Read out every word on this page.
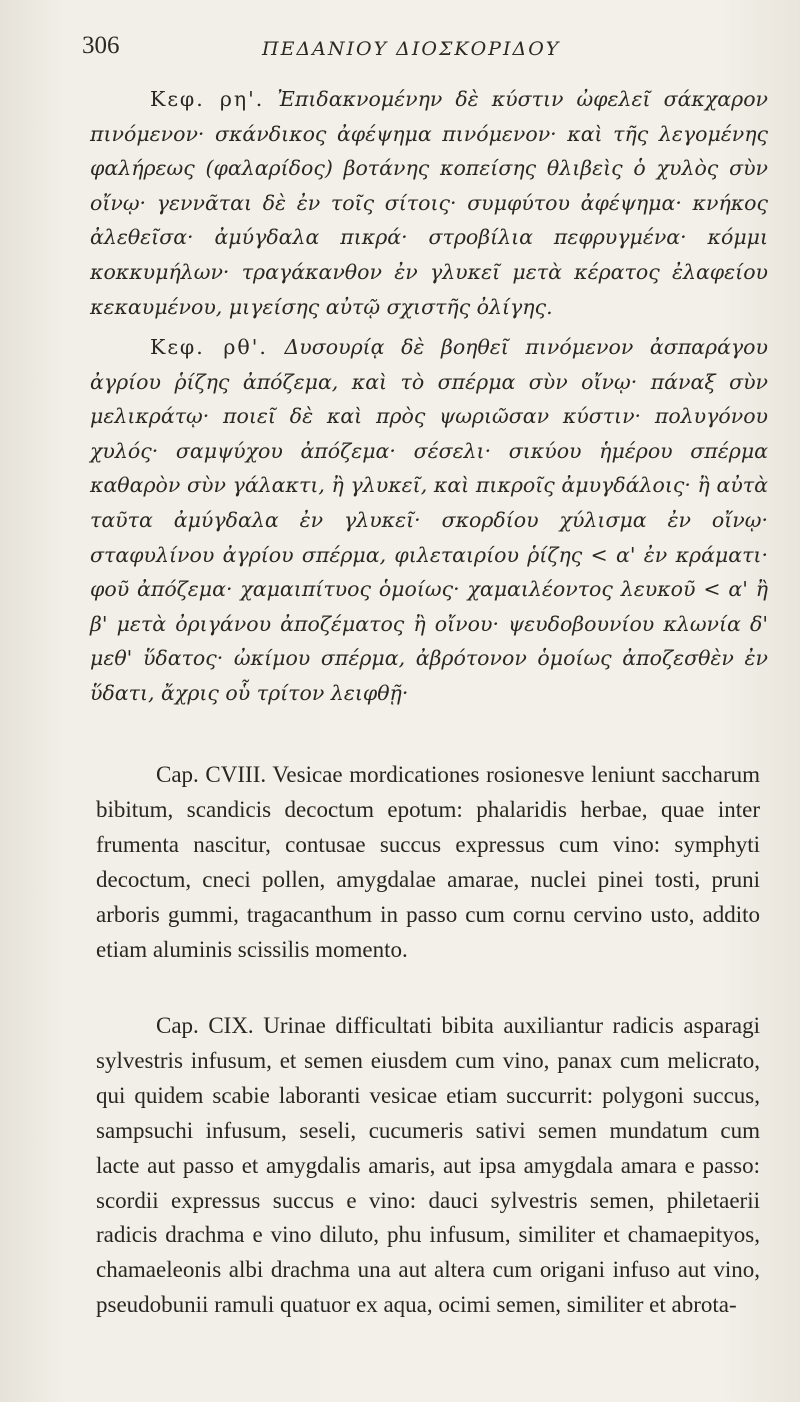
306	ΠΕΔΑΝΙΟΥ ΔΙΟΣΚΟΡΙΔΟΥ

Κεφ. ρη'. Ἐπιδακνομένην δὲ κύστιν ὠφελεῖ σάκχαρον πινόμενον· σκάνδικος ἀφέψημα πινόμενον· καὶ τῆς λεγομένης φαλήρεως (φαλαρίδος) βοτάνης κοπείσης θλιβεὶς ὁ χυλὸς σὺν οἴνῳ· γεννᾶται δὲ ἐν τοῖς σίτοις· συμφύτου ἀφέψημα· κνήκος ἀλεθεῖσα· ἀμύγδαλα πικρά· στροβίλια πεφρυγμένα· κόμμι κοκκυμήλων· τραγάκανθον ἐν γλυκεῖ μετὰ κέρατος ἐλαφείου κεκαυμένου, μιγείσης αὐτῷ σχιστῆς ὀλίγης.

Κεφ. ρθ'. Δυσουρίᾳ δὲ βοηθεῖ πινόμενον ἀσπαράγου ἀγρίου ῥίζης ἀπόζεμα, καὶ τὸ σπέρμα σὺν οἴνῳ· πάναξ σὺν μελικράτῳ· ποιεῖ δὲ καὶ πρὸς ψωριῶσαν κύστιν· πολυγόνου χυλός· σαμψύχου ἀπόζεμα· σέσελι· σικύου ἡμέρου σπέρμα καθαρὸν σὺν γάλακτι, ἢ γλυκεῖ, καὶ πικροῖς ἀμυγδάλοις· ἢ αὐτὰ ταῦτα ἀμύγδαλα ἐν γλυκεῖ· σκορδίου χύλισμα ἐν οἴνῳ· σταφυλίνου ἀγρίου σπέρμα, φιλεταιρίου ῥίζης < α' ἐν κράματι· φοῦ ἀπόζεμα· χαμαιπίτυος ὁμοίως· χαμαιλέοντος λευκοῦ < α' ἢ β' μετὰ ὀριγάνου ἀποζέματος ἢ οἴνου· ψευδοβουνίου κλωνία δ' μεθ' ὕδατος· ὠκίμου σπέρμα, ἀβρότονον ὁμοίως ἀποζεσθὲν ἐν ὕδατι, ἄχρις οὗ τρίτον λειφθῇ·

Cap. CVIII. Vesicae mordicationes rosionesve leniunt saccharum bibitum, scandicis decoctum epotum: phalaridis herbae, quae inter frumenta nascitur, contusae succus expressus cum vino: symphyti decoctum, cneci pollen, amygdalae amarae, nuclei pinei tosti, pruni arboris gummi, tragacanthum in passo cum cornu cervino usto, addito etiam aluminis scissilis momento.

Cap. CIX. Urinae difficultati bibita auxiliantur radicis asparagi sylvestris infusum, et semen eiusdem cum vino, panax cum melicrato, qui quidem scabie laboranti vesicae etiam succurrit: polygoni succus, sampsuchi infusum, seseli, cucumeris sativi semen mundatum cum lacte aut passo et amygdalis amaris, aut ipsa amygdala amara e passo: scordii expressus succus e vino: dauci sylvestris semen, philetaerii radicis drachma e vino diluto, phu infusum, similiter et chamaepityos, chamaeleonis albi drachma una aut altera cum origani infuso aut vino, pseudobunii ramuli quatuor ex aqua, ocimi semen, similiter et abrota-
